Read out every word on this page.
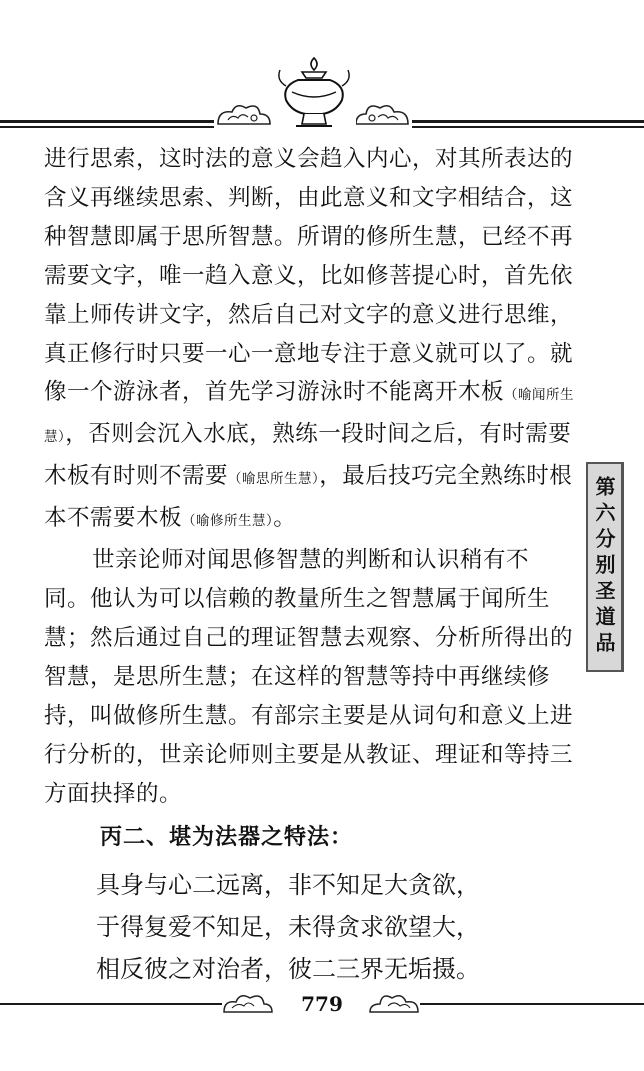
第六分别圣道品

进行思索，这时法的意义会趋入内心，对其所表达的含义再继续思索、判断，由此意义和文字相结合，这种智慧即属于思所智慧。所谓的修所生慧，已经不再需要文字，唯一趋入意义，比如修菩提心时，首先依靠上师传讲文字，然后自己对文字的意义进行思维，真正修行时只要一心一意地专注于意义就可以了。就像一个游泳者，首先学习游泳时不能离开木板（喻闻所生慧），否则会沉入水底，熟练一段时间之后，有时需要木板有时则不需要（喻思所生慧），最后技巧完全熟练时根本不需要木板（喻修所生慧）。

世亲论师对闻思修智慧的判断和认识稍有不同。他认为可以信赖的教量所生之智慧属于闻所生慧；然后通过自己的理证智慧去观察、分析所得出的智慧，是思所生慧；在这样的智慧等持中再继续修持，叫做修所生慧。有部宗主要是从词句和意义上进行分析的，世亲论师则主要是从教证、理证和等持三方面抉择的。

丙二、堪为法器之特法：
具身与心二远离，非不知足大贪欲，
于得复爱不知足，未得贪求欲望大，
相反彼之对治者，彼二三界无垢摄。
779
